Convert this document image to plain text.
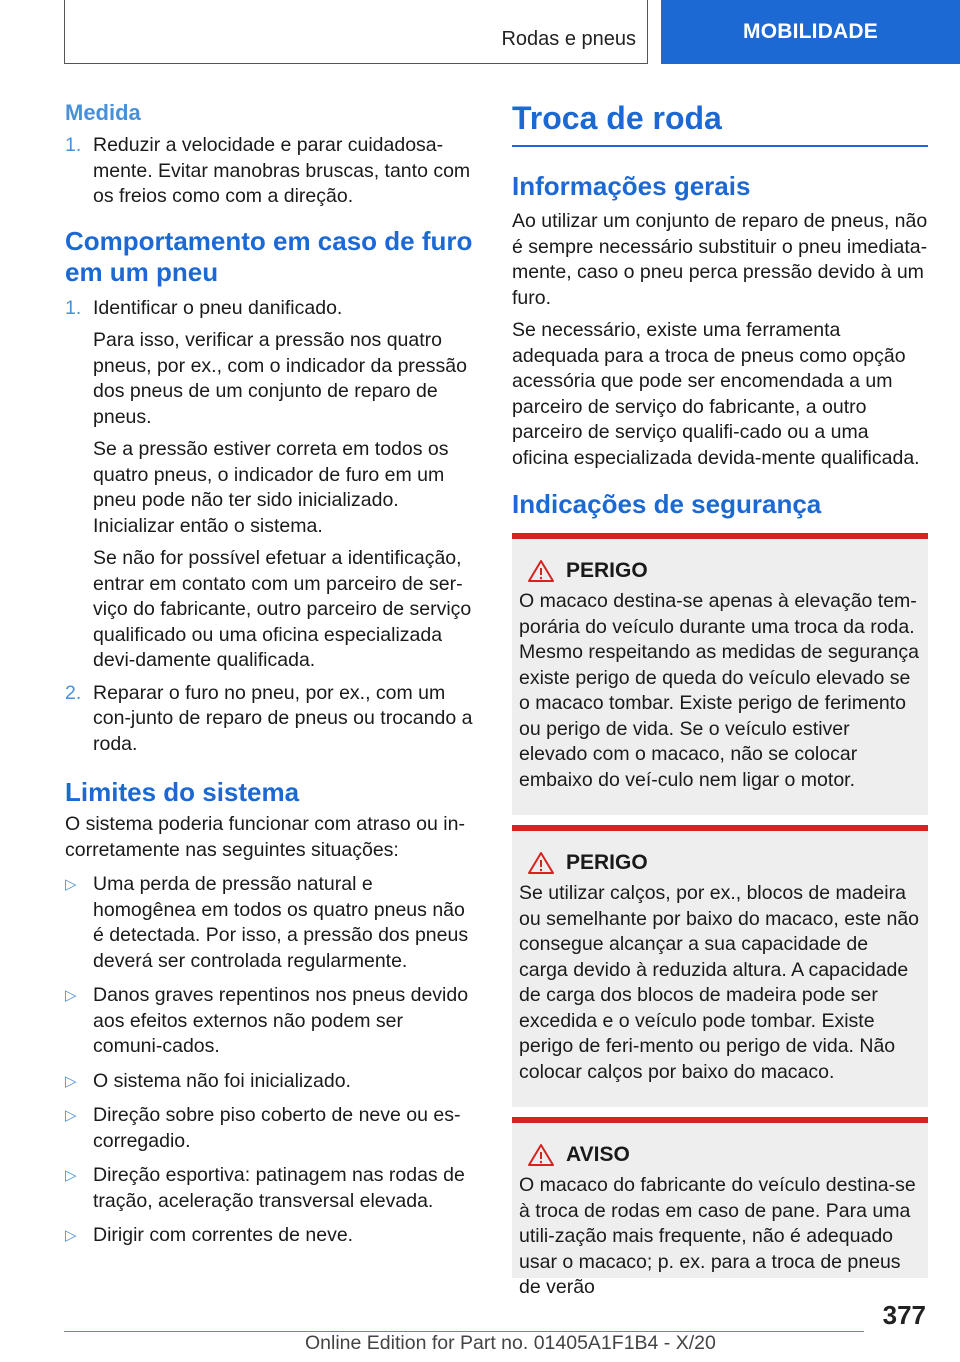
Rodas e pneus	MOBILIDADE
Medida
1. Reduzir a velocidade e parar cuidadosa-mente. Evitar manobras bruscas, tanto com os freios como com a direção.

Comportamento em caso de furo em um pneu
1. Identificar o pneu danificado.

Para isso, verificar a pressão nos quatro pneus, por ex., com o indicador da pressão dos pneus de um conjunto de reparo de pneus.

Se a pressão estiver correta em todos os quatro pneus, o indicador de furo em um pneu pode não ter sido inicializado. Inicializar então o sistema.

Se não for possível efetuar a identificação, entrar em contato com um parceiro de ser-viço do fabricante, outro parceiro de serviço qualificado ou uma oficina especializada devi-damente qualificada.

2. Reparar o furo no pneu, por ex., com um con-junto de reparo de pneus ou trocando a roda.

Limites do sistema

O sistema poderia funcionar com atraso ou in-corretamente nas seguintes situações:

▷ Uma perda de pressão natural e homogênea em todos os quatro pneus não é detectada. Por isso, a pressão dos pneus deverá ser controlada regularmente.
▷ Danos graves repentinos nos pneus devido aos efeitos externos não podem ser comuni-cados.
▷ O sistema não foi inicializado.
▷ Direção sobre piso coberto de neve ou es-corregadio.
▷ Direção esportiva: patinagem nas rodas de tração, aceleração transversal elevada.
▷ Dirigir com correntes de neve.
Troca de roda
Informações gerais

Ao utilizar um conjunto de reparo de pneus, não é sempre necessário substituir o pneu imediata-mente, caso o pneu perca pressão devido à um furo.

Se necessário, existe uma ferramenta adequada para a troca de pneus como opção acessória que pode ser encomendada a um parceiro de serviço do fabricante, a outro parceiro de serviço qualifi-cado ou a uma oficina especializada devida-mente qualificada.

Indicações de segurança
PERIGO

O macaco destina-se apenas à elevação tem-porária do veículo durante uma troca da roda. Mesmo respeitando as medidas de segurança existe perigo de queda do veículo elevado se o macaco tombar. Existe perigo de ferimento ou perigo de vida. Se o veículo estiver elevado com o macaco, não se colocar embaixo do veí-culo nem ligar o motor.

PERIGO

Se utilizar calços, por ex., blocos de madeira ou semelhante por baixo do macaco, este não consegue alcançar a sua capacidade de carga devido à reduzida altura. A capacidade de carga dos blocos de madeira pode ser excedida e o veículo pode tombar. Existe perigo de feri-mento ou perigo de vida. Não colocar calços por baixo do macaco.

AVISO

O macaco do fabricante do veículo destina-se à troca de rodas em caso de pane. Para uma utili-zação mais frequente, não é adequado usar o macaco; p. ex. para a troca de pneus de verão

377
Online Edition for Part no. 01405A1F1B4 - X/20
